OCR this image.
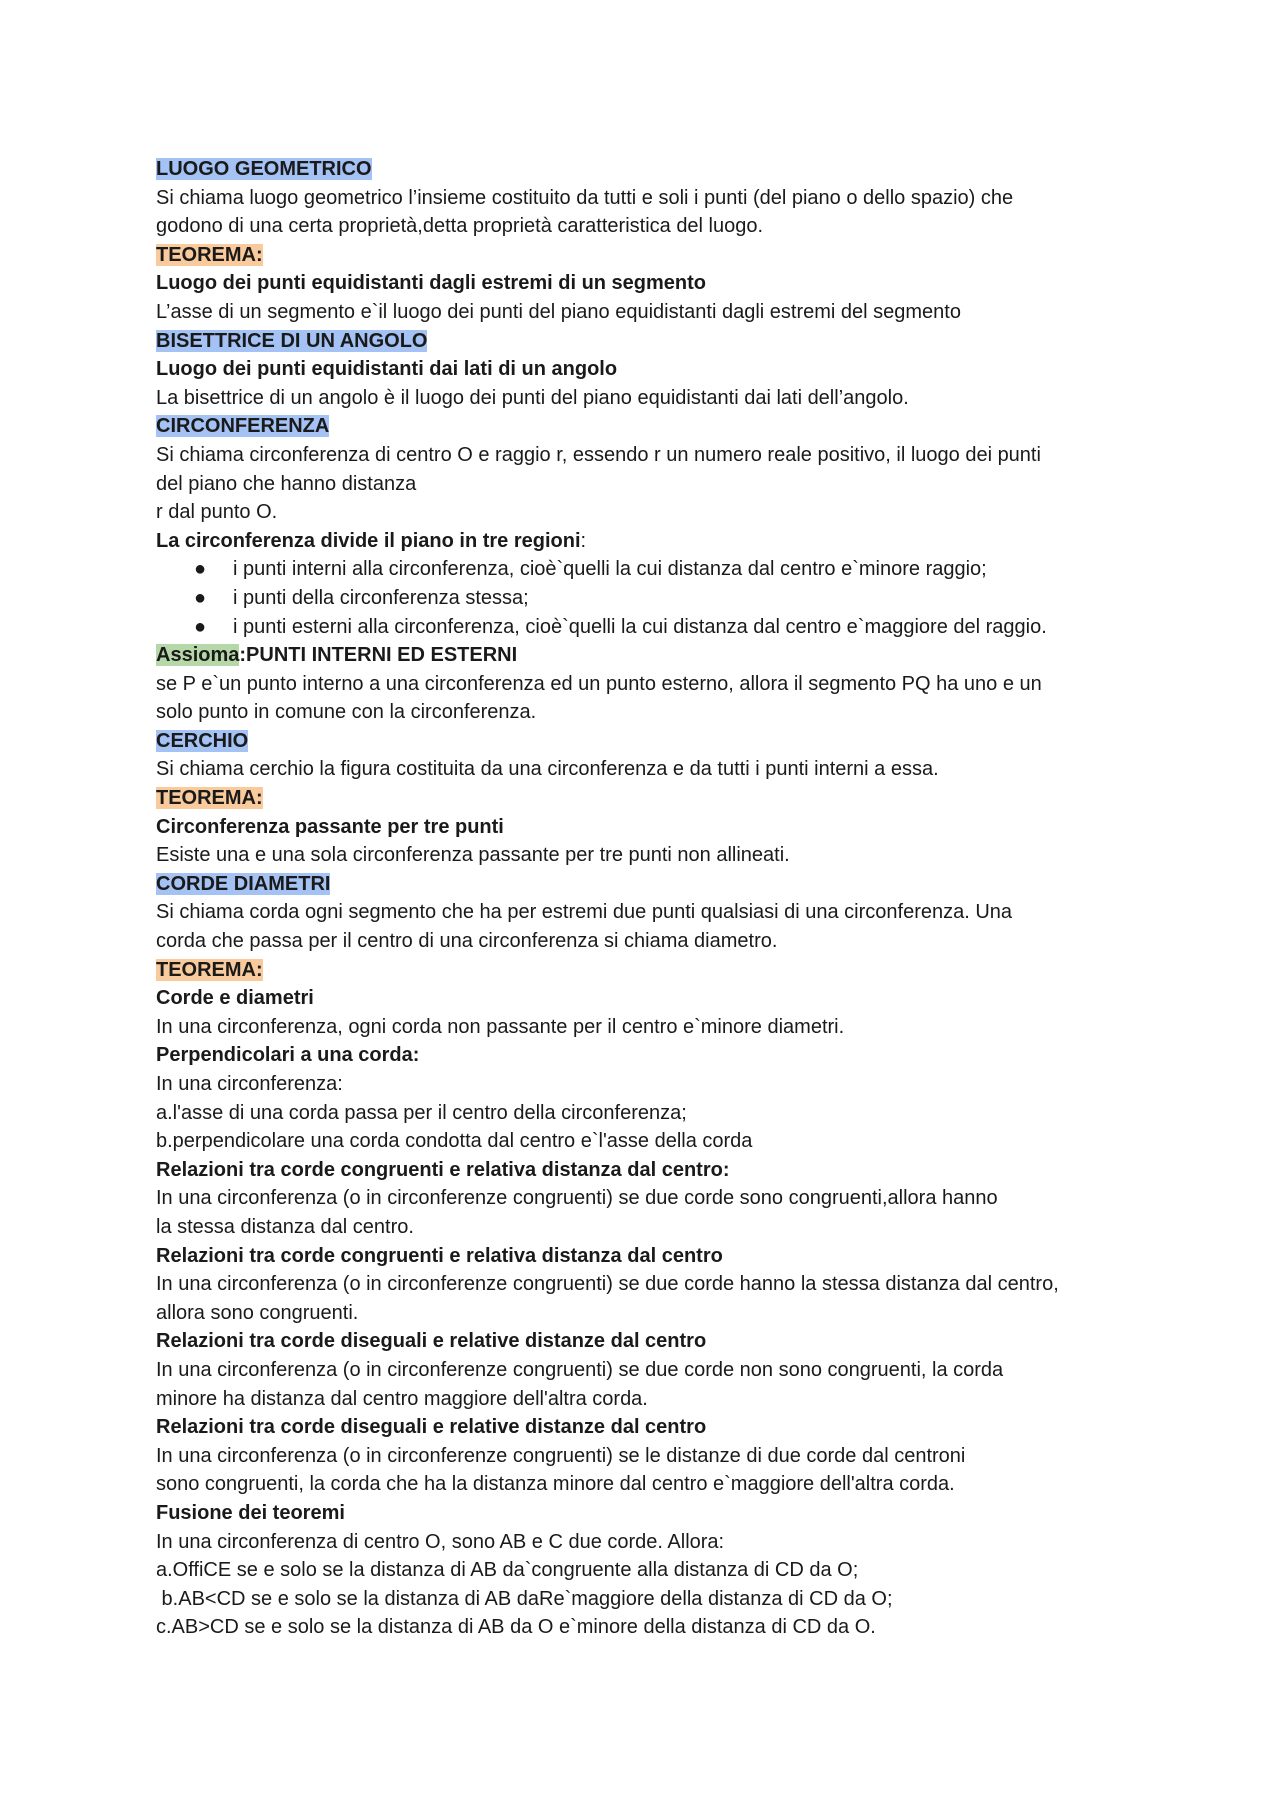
LUOGO GEOMETRICO
Si chiama luogo geometrico l’insieme costituito da tutti e soli i punti (del piano o dello spazio) che
godono di una certa proprietà,detta proprietà caratteristica del luogo.
TEOREMA:
Luogo dei punti equidistanti dagli estremi di un segmento
L’asse di un segmento e`il luogo dei punti del piano equidistanti dagli estremi del segmento
BISETTRICE DI UN ANGOLO
Luogo dei punti equidistanti dai lati di un angolo
La bisettrice di un angolo è il luogo dei punti del piano equidistanti dai lati dell’angolo.
CIRCONFERENZA
Si chiama circonferenza di centro O e raggio r, essendo r un numero reale positivo, il luogo dei punti
del piano che hanno distanza
r dal punto O.
La circonferenza divide il piano in tre regioni:
● i punti interni alla circonferenza, cioè`quelli la cui distanza dal centro e`minore raggio;
● i punti della circonferenza stessa;
● i punti esterni alla circonferenza, cioè`quelli la cui distanza dal centro e`maggiore del raggio.
Assioma:PUNTI INTERNI ED ESTERNI
se P e`un punto interno a una circonferenza ed un punto esterno, allora il segmento PQ ha uno e un
solo punto in comune con la circonferenza.
CERCHIO
Si chiama cerchio la figura costituita da una circonferenza e da tutti i punti interni a essa.
TEOREMA:
Circonferenza passante per tre punti
Esiste una e una sola circonferenza passante per tre punti non allineati.
CORDE DIAMETRI
Si chiama corda ogni segmento che ha per estremi due punti qualsiasi di una circonferenza. Una
corda che passa per il centro di una circonferenza si chiama diametro.
TEOREMA:
Corde e diametri
In una circonferenza, ogni corda non passante per il centro e`minore diametri.
Perpendicolari a una corda:
In una circonferenza:
a.l'asse di una corda passa per il centro della circonferenza;
b.perpendicolare una corda condotta dal centro e`l'asse della corda
Relazioni tra corde congruenti e relativa distanza dal centro:
In una circonferenza (o in circonferenze congruenti) se due corde sono congruenti,allora hanno
la stessa distanza dal centro.
Relazioni tra corde congruenti e relativa distanza dal centro
In una circonferenza (o in circonferenze congruenti) se due corde hanno la stessa distanza dal centro,
allora sono congruenti.
Relazioni tra corde diseguali e relative distanze dal centro
In una circonferenza (o in circonferenze congruenti) se due corde non sono congruenti, la corda
minore ha distanza dal centro maggiore dell'altra corda.
Relazioni tra corde diseguali e relative distanze dal centro
In una circonferenza (o in circonferenze congruenti) se le distanze di due corde dal centroni
sono congruenti, la corda che ha la distanza minore dal centro e`maggiore dell'altra corda.
Fusione dei teoremi
In una circonferenza di centro O, sono AB e C due corde. Allora:
a.OffiCE se e solo se la distanza di AB da`congruente alla distanza di CD da O;
b.AB<CD se e solo se la distanza di AB daRe`maggiore della distanza di CD da O;
c.AB>CD se e solo se la distanza di AB da O e`minore della distanza di CD da O.
